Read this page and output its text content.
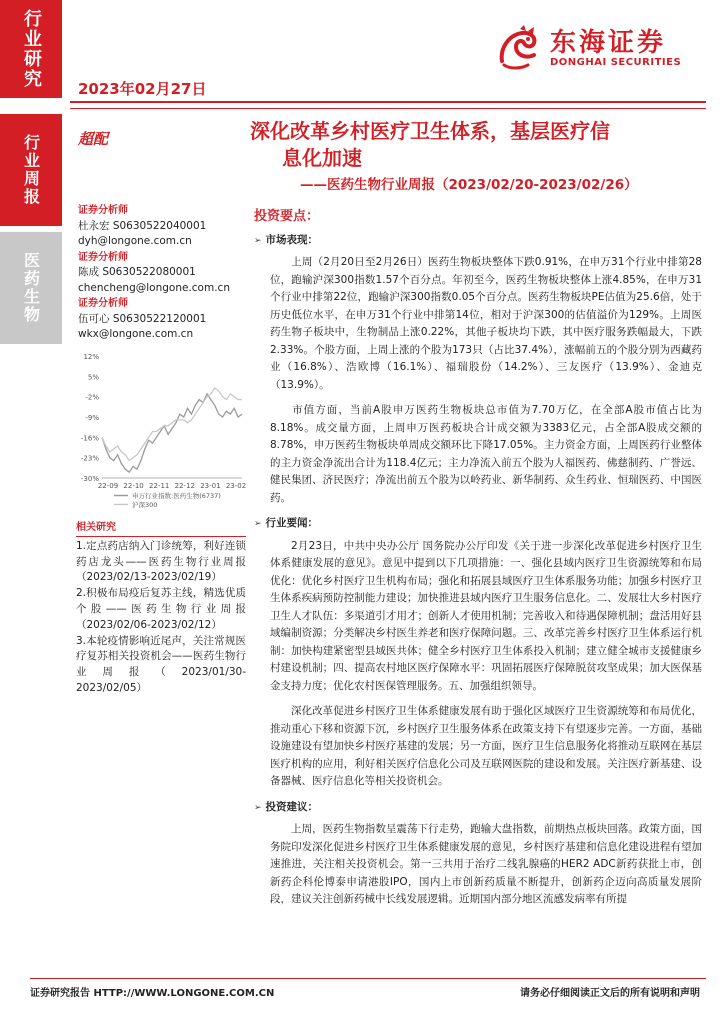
行业研究
行业周报
医药生物
东海证券
DONGHAI SECURITIES
2023年02月27日
超配	深化改革乡村医疗卫生体系，基层医疗信
息化加速
——医药生物行业周报（2023/02/20-2023/02/26）
证券分析师
杜永宏 S0630522040001
dyh@longone.com.cn
证券分析师
陈成 S0630522080001
chencheng@longone.com.cn
证券分析师
伍可心 S0630522120001
wkx@longone.com.cn
12%
5%
-2%
-9%
-16%
-23%
-30%
22-09 22-10 22-11 22-12 23-01 23-02
申万行业指数:医药生物(6737)
沪深300
相关研究

1.定点药店纳入门诊统筹，利好连锁药店龙头——医药生物行业周报（2023/02/13-2023/02/19）

2.积极布局疫后复苏主线，精选优质个股——医药生物行业周报（2023/02/06-2023/02/12）

3.本轮疫情影响近尾声，关注常规医疗复苏相关投资机会——医药生物行业周报（2023/01/30-2023/02/05）

投资要点：
➢ 市场表现：

上周（2月20日至2月26日）医药生物板块整体下跌0.91%，在申万31个行业中排第28位，跑输沪深300指数1.57个百分点。年初至今，医药生物板块整体上涨4.85%，在申万31个行业中排第22位，跑输沪深300指数0.05个百分点。医药生物板块PE估值为25.6倍，处于历史低位水平，在申万31个行业中排第14位，相对于沪深300的估值溢价为129%。上周医药生物子板块中，生物制品上涨0.22%，其他子板块均下跌，其中医疗服务跌幅最大，下跌2.33%。个股方面，上周上涨的个股为173只（占比37.4%），涨幅前五的个股分别为西藏药业（16.8%）、浩欧博（16.1%）、福瑞股份（14.2%）、三友医疗（13.9%）、金迪克（13.9%）。

市值方面，当前A股申万医药生物板块总市值为7.70万亿，在全部A股市值占比为8.18%。成交量方面，上周申万医药板块合计成交额为3383亿元，占全部A股成交额的8.78%，申万医药生物板块单周成交额环比下降17.05%。主力资金方面，上周医药行业整体的主力资金净流出合计为118.4亿元；主力净流入前五个股为人福医药、佛慈制药、广誉远、健民集团、济民医疗；净流出前五个股为以岭药业、新华制药、众生药业、恒瑞医药、中国医药。

➢ 行业要闻：

2月23日，中共中央办公厅 国务院办公厅印发《关于进一步深化改革促进乡村医疗卫生体系健康发展的意见》。意见中提到以下几项措施：一、强化县域内医疗卫生资源统筹和布局优化：优化乡村医疗卫生机构布局；强化和拓展县域医疗卫生体系服务功能；加强乡村医疗卫生体系疾病预防控制能力建设；加快推进县域内医疗卫生服务信息化。二、发展壮大乡村医疗卫生人才队伍：多渠道引才用才；创新人才使用机制；完善收入和待遇保障机制；盘活用好县域编制资源；分类解决乡村医生养老和医疗保障问题。三、改革完善乡村医疗卫生体系运行机制：加快构建紧密型县域医共体；健全乡村医疗卫生体系投入机制；建立健全城市支援健康乡村建设机制；四、提高农村地区医疗保障水平：巩固拓展医疗保障脱贫攻坚成果；加大医保基金支持力度；优化农村医保管理服务。五、加强组织领导。

深化改革促进乡村医疗卫生体系健康发展有助于强化区域医疗卫生资源统筹和布局优化，推动重心下移和资源下沉，乡村医疗卫生服务体系在政策支持下有望逐步完善。一方面，基础设施建设有望加快乡村医疗基建的发展；另一方面，医疗卫生信息服务化将推动互联网在基层医疗机构的应用，利好相关医疗信息化公司及互联网医院的建设和发展。关注医疗新基建、设备器械、医疗信息化等相关投资机会。

➢ 投资建议：

上周，医药生物指数呈震荡下行走势，跑输大盘指数，前期热点板块回落。政策方面，国务院印发深化促进乡村医疗卫生体系健康发展的意见，乡村医疗基建和信息化建设进程有望加速推进，关注相关投资机会。第一三共用于治疗二线乳腺癌的HER2 ADC新药获批上市，创新药企科伦博泰申请港股IPO，国内上市创新药质量不断提升，创新药企迈向高质量发展阶段，建议关注创新药械中长线发展逻辑。近期国内部分地区流感发病率有所提

证券研究报告 HTTP://WWW.LONGONE.COM.CN	请务必仔细阅读正文后的所有说明和声明
